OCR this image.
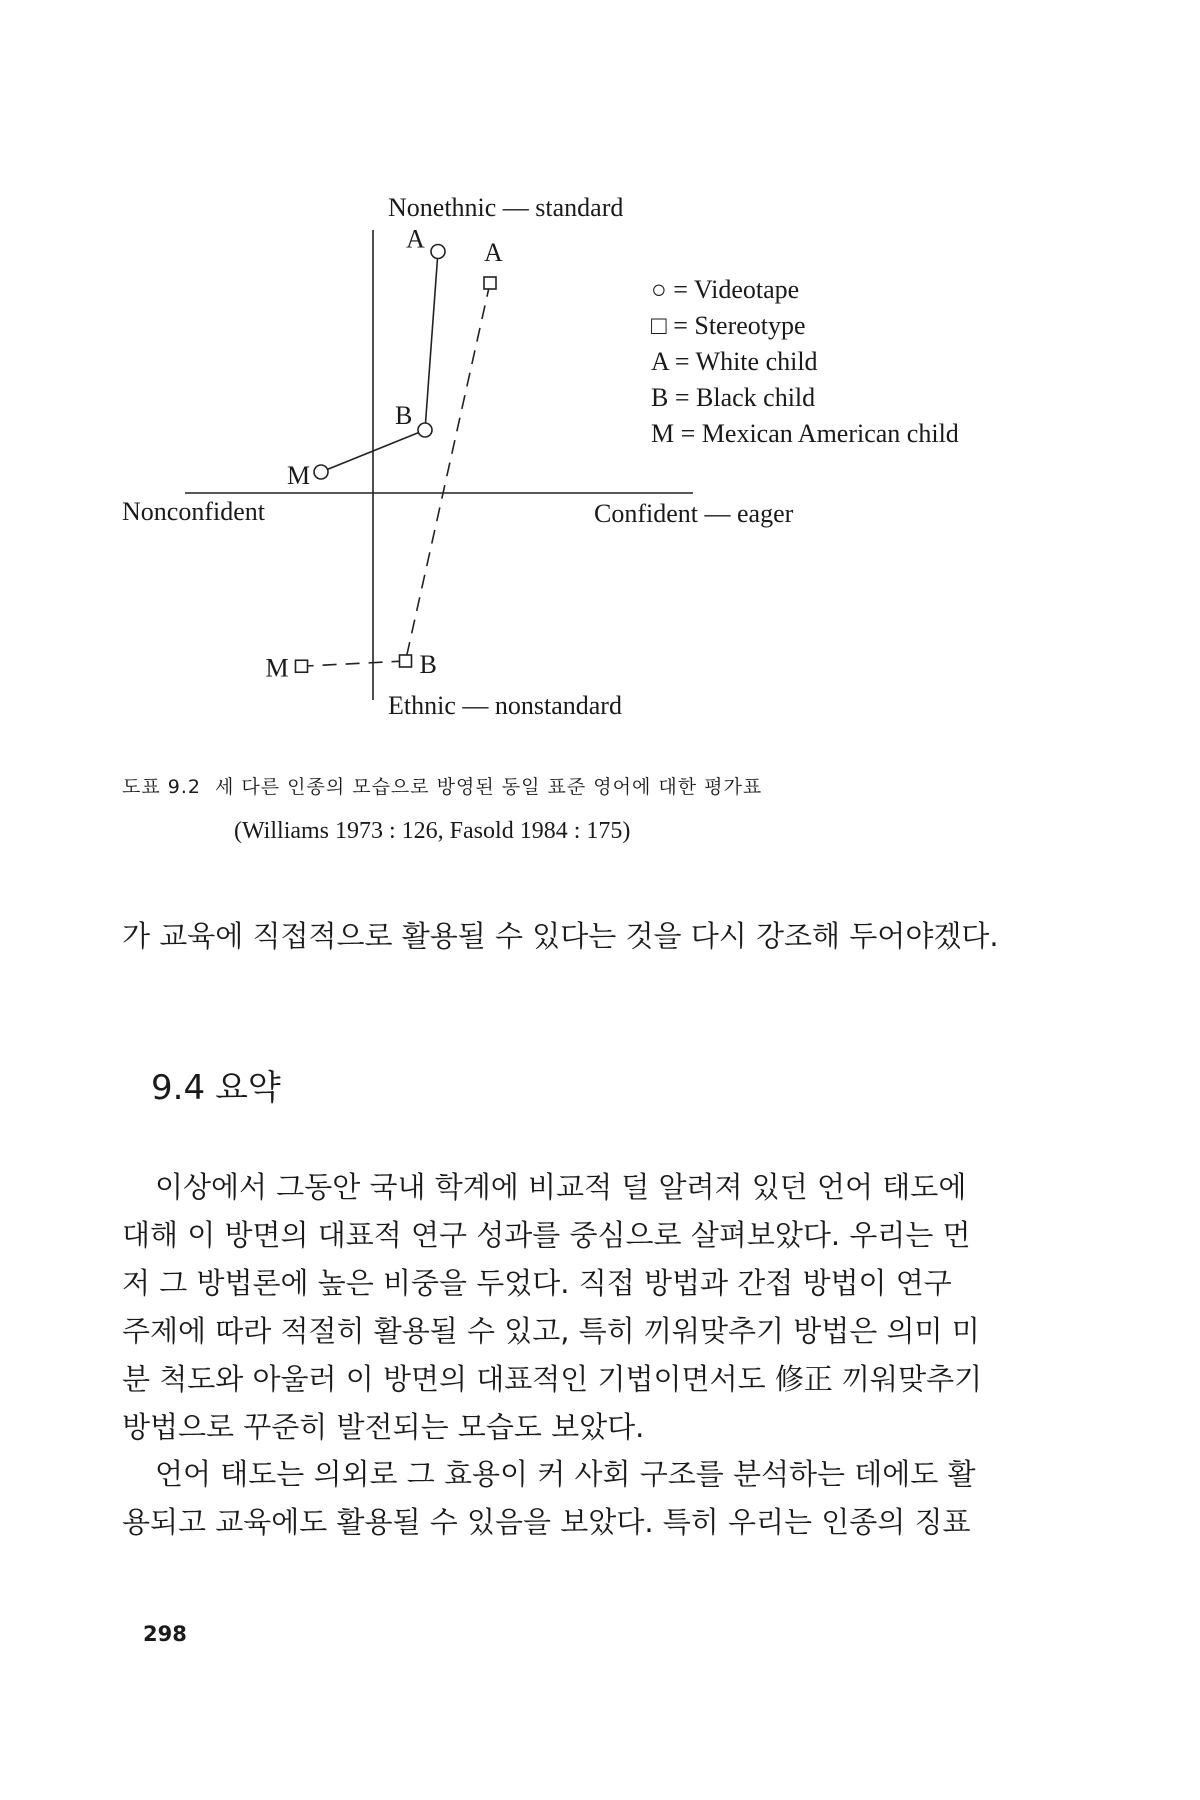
Nonethnic — standard
Ethnic — nonstandard
Nonconfident	Confident — eager
○ = Videotape
□ = Stereotype
A = White child
B = Black child
M = Mexican American child
A
B
M
A
B
M
도표 9.2 세 다른 인종의 모습으로 방영된 동일 표준 영어에 대한 평가표
(Williams 1973 : 126, Fasold 1984 : 175)
가 교육에 직접적으로 활용될 수 있다는 것을 다시 강조해 두어야겠다.
9.4 요약
이상에서 그동안 국내 학계에 비교적 덜 알려져 있던 언어 태도에
대해 이 방면의 대표적 연구 성과를 중심으로 살펴보았다. 우리는 먼
저 그 방법론에 높은 비중을 두었다. 직접 방법과 간접 방법이 연구
주제에 따라 적절히 활용될 수 있고, 특히 끼워맞추기 방법은 의미 미
분 척도와 아울러 이 방면의 대표적인 기법이면서도 修正 끼워맞추기
방법으로 꾸준히 발전되는 모습도 보았다.
언어 태도는 의외로 그 효용이 커 사회 구조를 분석하는 데에도 활
용되고 교육에도 활용될 수 있음을 보았다. 특히 우리는 인종의 징표
298
